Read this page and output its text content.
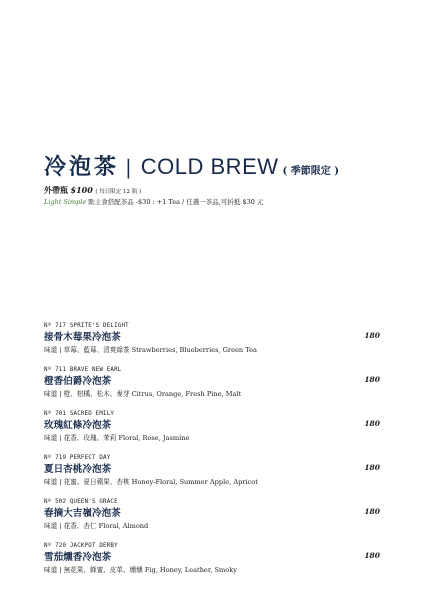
冷泡茶 | COLD BREW ( 季節限定 )
外帶瓶 $100 ( 每日限定 12 瓶 )
Light Simple 點主食搭配茶品 -$30 : +1 Tea / 任選一茶品,可折抵 $30 元
Nº 717 SPRITE'S DELIGHT
接骨木莓果冷泡茶
味道 | 草莓、藍莓、清爽綠茶 Strawberries, Blueberries, Green Tea
180
Nº 711 BRAVE NEW EARL
橙香伯爵冷泡茶
味道 | 橙、柑橘、松木、麥芽 Citrus, Orange, Fresh Pine, Malt
180
Nº 701 SACRED EMILY
玫瑰紅條冷泡茶
味道 | 花香、玫瑰、茉莉 Floral, Rose, Jasmine
180
Nº 719 PERFECT DAY
夏日杏桃冷泡茶
味道 | 花蜜、夏日蘋果、杏桃 Honey-Floral, Summer Apple, Apricot
180
Nº 502 QUEEN'S GRACE
春摘大吉嶺冷泡茶
味道 | 花香、杏仁 Floral, Almond
180
Nº 720 JACKPOT DERBY
雪茄燻香冷泡茶
味道 | 無花果、蜂蜜、皮革、燻燻 Fig, Honey, Leather, Smoky
180
